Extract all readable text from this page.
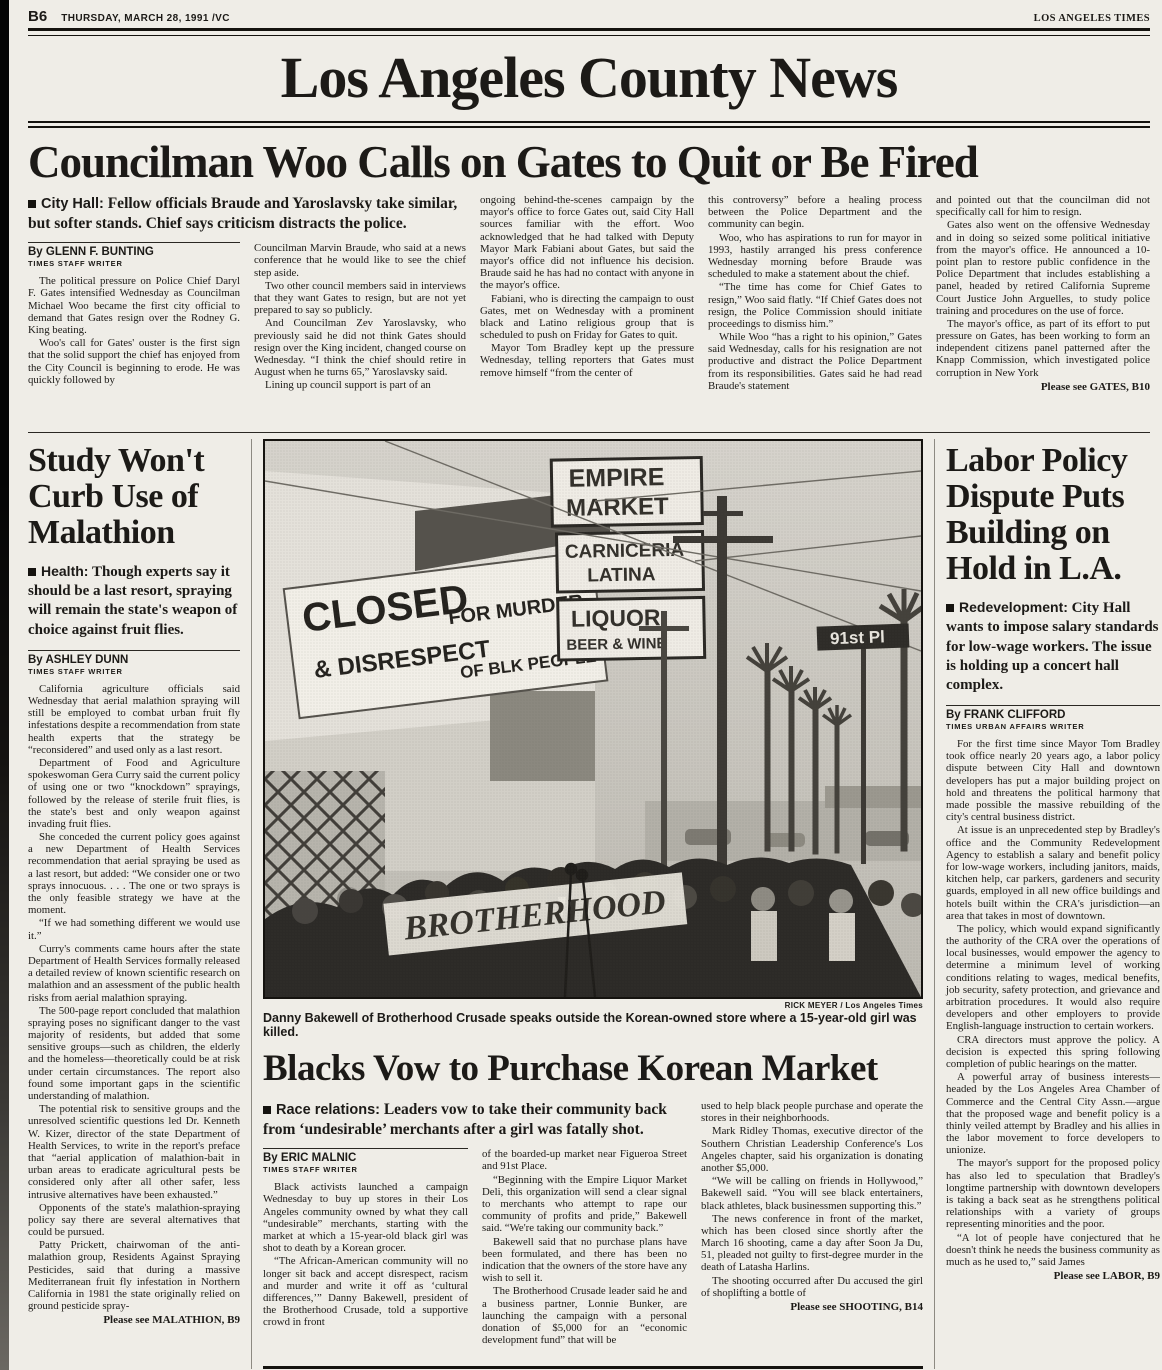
B6 THURSDAY, MARCH 28, 1991 /VC	LOS ANGELES TIMES
Los Angeles County News
Councilman Woo Calls on Gates to Quit or Be Fired
City Hall: Fellow officials Braude and Yaroslavsky take similar, but softer stands. Chief says criticism distracts the police.
By GLENN F. BUNTING
TIMES STAFF WRITER

The political pressure on Police Chief Daryl F. Gates intensified Wednesday as Councilman Michael Woo became the first city official to demand that Gates resign over the Rodney G. King beating.

Woo's call for Gates' ouster is the first sign that the solid support the chief has enjoyed from the City Council is beginning to erode. He was quickly followed by

Councilman Marvin Braude, who said at a news conference that he would like to see the chief step aside.

Two other council members said in interviews that they want Gates to resign, but are not yet prepared to say so publicly.

And Councilman Zev Yaroslavsky, who previously said he did not think Gates should resign over the King incident, changed course on Wednesday. “I think the chief should retire in August when he turns 65,” Yaroslavsky said.

Lining up council support is part of an

ongoing behind-the-scenes campaign by the mayor's office to force Gates out, said City Hall sources familiar with the effort. Woo acknowledged that he had talked with Deputy Mayor Mark Fabiani about Gates, but said the mayor's office did not influence his decision. Braude said he has had no contact with anyone in the mayor's office.

Fabiani, who is directing the campaign to oust Gates, met on Wednesday with a prominent black and Latino religious group that is scheduled to push on Friday for Gates to quit.

Mayor Tom Bradley kept up the pressure Wednesday, telling reporters that Gates must remove himself “from the center of

this controversy” before a healing process between the Police Department and the community can begin.

Woo, who has aspirations to run for mayor in 1993, hastily arranged his press conference Wednesday morning before Braude was scheduled to make a statement about the chief.

“The time has come for Chief Gates to resign,” Woo said flatly. “If Chief Gates does not resign, the Police Commission should initiate proceedings to dismiss him.”

While Woo “has a right to his opinion,” Gates said Wednesday, calls for his resignation are not productive and distract the Police Department from its responsibilities. Gates said he had read Braude's statement

and pointed out that the councilman did not specifically call for him to resign.

Gates also went on the offensive Wednesday and in doing so seized some political initiative from the mayor's office. He announced a 10-point plan to restore public confidence in the Police Department that includes establishing a panel, headed by retired California Supreme Court Justice John Arguelles, to study police training and procedures on the use of force.

The mayor's office, as part of its effort to put pressure on Gates, has been working to form an independent citizens panel patterned after the Knapp Commission, which investigated police corruption in New York

Please see GATES, B10
Study Won't Curb Use of Malathion
Health: Though experts say it should be a last resort, spraying will remain the state's weapon of choice against fruit flies.
By ASHLEY DUNN
TIMES STAFF WRITER

California agriculture officials said Wednesday that aerial malathion spraying will still be employed to combat urban fruit fly infestations despite a recommendation from state health experts that the strategy be “reconsidered” and used only as a last resort.

Department of Food and Agriculture spokeswoman Gera Curry said the current policy of using one or two “knockdown” sprayings, followed by the release of sterile fruit flies, is the state's best and only weapon against invading fruit flies.

She conceded the current policy goes against a new Department of Health Services recommendation that aerial spraying be used as a last resort, but added: “We consider one or two sprays innocuous. . . . The one or two sprays is the only feasible strategy we have at the moment.

“If we had something different we would use it.”

Curry's comments came hours after the state Department of Health Services formally released a detailed review of known scientific research on malathion and an assessment of the public health risks from aerial malathion spraying.

The 500-page report concluded that malathion spraying poses no significant danger to the vast majority of residents, but added that some sensitive groups—such as children, the elderly and the homeless—theoretically could be at risk under certain circumstances. The report also found some important gaps in the scientific understanding of malathion.

The potential risk to sensitive groups and the unresolved scientific questions led Dr. Kenneth W. Kizer, director of the state Department of Health Services, to write in the report's preface that “aerial application of malathion-bait in urban areas to eradicate agricultural pests be considered only after all other safer, less intrusive alternatives have been exhausted.”

Opponents of the state's malathion-spraying policy say there are several alternatives that could be pursued.

Patty Prickett, chairwoman of the anti-malathion group, Residents Against Spraying Pesticides, said that during a massive Mediterranean fruit fly infestation in Northern California in 1981 the state originally relied on ground pesticide spray-

Please see MALATHION, B9
RICK MEYER / Los Angeles Times
Danny Bakewell of Brotherhood Crusade speaks outside the Korean-owned store where a 15-year-old girl was killed.
Blacks Vow to Purchase Korean Market
Race relations: Leaders vow to take their community back from ‘undesirable’ merchants after a girl was fatally shot.
By ERIC MALNIC
TIMES STAFF WRITER

Black activists launched a campaign Wednesday to buy up stores in their Los Angeles community owned by what they call “undesirable” merchants, starting with the market at which a 15-year-old black girl was shot to death by a Korean grocer.

“The African-American community will no longer sit back and accept disrespect, racism and murder and write it off as ‘cultural differences,’” Danny Bakewell, president of the Brotherhood Crusade, told a supportive crowd in front

of the boarded-up market near Figueroa Street and 91st Place.

“Beginning with the Empire Liquor Market Deli, this organization will send a clear signal to merchants who attempt to rape our community of profits and pride,” Bakewell said. “We're taking our community back.”

Bakewell said that no purchase plans have been formulated, and there has been no indication that the owners of the store have any wish to sell it.

The Brotherhood Crusade leader said he and a business partner, Lonnie Bunker, are launching the campaign with a personal donation of $5,000 for an “economic development fund” that will be

used to help black people purchase and operate the stores in their neighborhoods.

Mark Ridley Thomas, executive director of the Southern Christian Leadership Conference's Los Angeles chapter, said his organization is donating another $5,000.

“We will be calling on friends in Hollywood,” Bakewell said. “You will see black entertainers, black athletes, black businessmen supporting this.”

The news conference in front of the market, which has been closed since shortly after the March 16 shooting, came a day after Soon Ja Du, 51, pleaded not guilty to first-degree murder in the death of Latasha Harlins.

The shooting occurred after Du accused the girl of shoplifting a bottle of

Please see SHOOTING, B14
Labor Policy Dispute Puts Building on Hold in L.A.
Redevelopment: City Hall wants to impose salary standards for low-wage workers. The issue is holding up a concert hall complex.
By FRANK CLIFFORD
TIMES URBAN AFFAIRS WRITER

For the first time since Mayor Tom Bradley took office nearly 20 years ago, a labor policy dispute between City Hall and downtown developers has put a major building project on hold and threatens the political harmony that made possible the massive rebuilding of the city's central business district.

At issue is an unprecedented step by Bradley's office and the Community Redevelopment Agency to establish a salary and benefit policy for low-wage workers, including janitors, maids, kitchen help, car parkers, gardeners and security guards, employed in all new office buildings and hotels built within the CRA's jurisdiction—an area that takes in most of downtown.

The policy, which would expand significantly the authority of the CRA over the operations of local businesses, would empower the agency to determine a minimum level of working conditions relating to wages, medical benefits, job security, safety protection, and grievance and arbitration procedures. It would also require developers and other employers to provide English-language instruction to certain workers.

CRA directors must approve the policy. A decision is expected this spring following completion of public hearings on the matter.

A powerful array of business interests—headed by the Los Angeles Area Chamber of Commerce and the Central City Assn.—argue that the proposed wage and benefit policy is a thinly veiled attempt by Bradley and his allies in the labor movement to force developers to unionize.

The mayor's support for the proposed policy has also led to speculation that Bradley's longtime partnership with downtown developers is taking a back seat as he strengthens political relationships with a variety of groups representing minorities and the poor.

“A lot of people have conjectured that he doesn't think he needs the business community as much as he used to,” said James

Please see LABOR, B9
